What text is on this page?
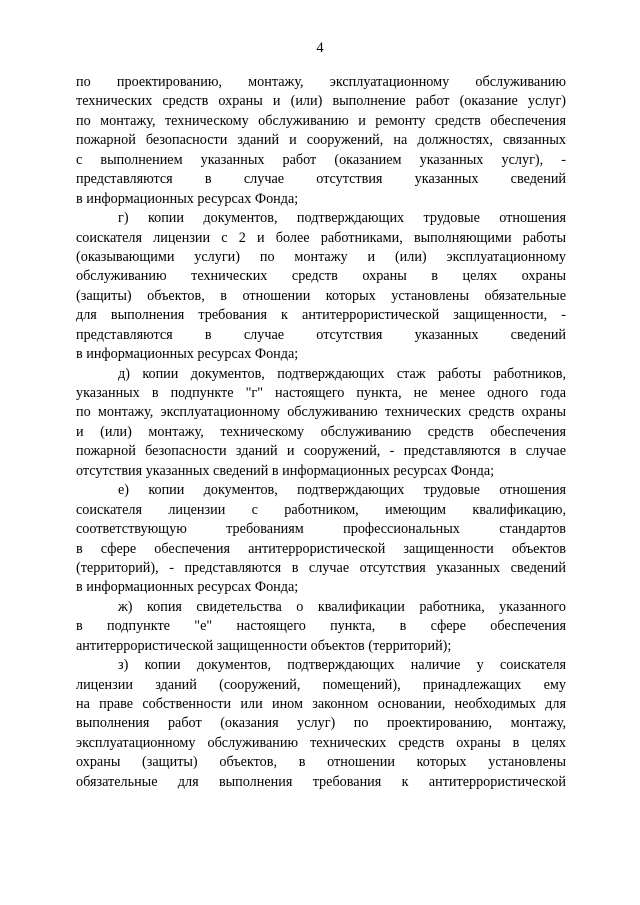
4
по проектированию, монтажу, эксплуатационному обслуживанию
технических средств охраны и (или) выполнение работ (оказание услуг)
по монтажу, техническому обслуживанию и ремонту средств обеспечения
пожарной безопасности зданий и сооружений, на должностях, связанных
с выполнением указанных работ (оказанием указанных услуг), -
представляются в случае отсутствия указанных сведений
в информационных ресурсах Фонда;
г) копии документов, подтверждающих трудовые отношения
соискателя лицензии с 2 и более работниками, выполняющими работы
(оказывающими услуги) по монтажу и (или) эксплуатационному
обслуживанию технических средств охраны в целях охраны
(защиты) объектов, в отношении которых установлены обязательные
для выполнения требования к антитеррористической защищенности, -
представляются в случае отсутствия указанных сведений
в информационных ресурсах Фонда;
д) копии документов, подтверждающих стаж работы работников,
указанных в подпункте "г" настоящего пункта, не менее одного года
по монтажу, эксплуатационному обслуживанию технических средств охраны
и (или) монтажу, техническому обслуживанию средств обеспечения
пожарной безопасности зданий и сооружений, - представляются в случае
отсутствия указанных сведений в информационных ресурсах Фонда;
е) копии документов, подтверждающих трудовые отношения
соискателя лицензии с работником, имеющим квалификацию,
соответствующую требованиям профессиональных стандартов
в сфере обеспечения антитеррористической защищенности объектов
(территорий), - представляются в случае отсутствия указанных сведений
в информационных ресурсах Фонда;
ж) копия свидетельства о квалификации работника, указанного
в подпункте "е" настоящего пункта, в сфере обеспечения
антитеррористической защищенности объектов (территорий);
з) копии документов, подтверждающих наличие у соискателя
лицензии зданий (сооружений, помещений), принадлежащих ему
на праве собственности или ином законном основании, необходимых для
выполнения работ (оказания услуг) по проектированию, монтажу,
эксплуатационному обслуживанию технических средств охраны в целях
охраны (защиты) объектов, в отношении которых установлены
обязательные для выполнения требования к антитеррористической
